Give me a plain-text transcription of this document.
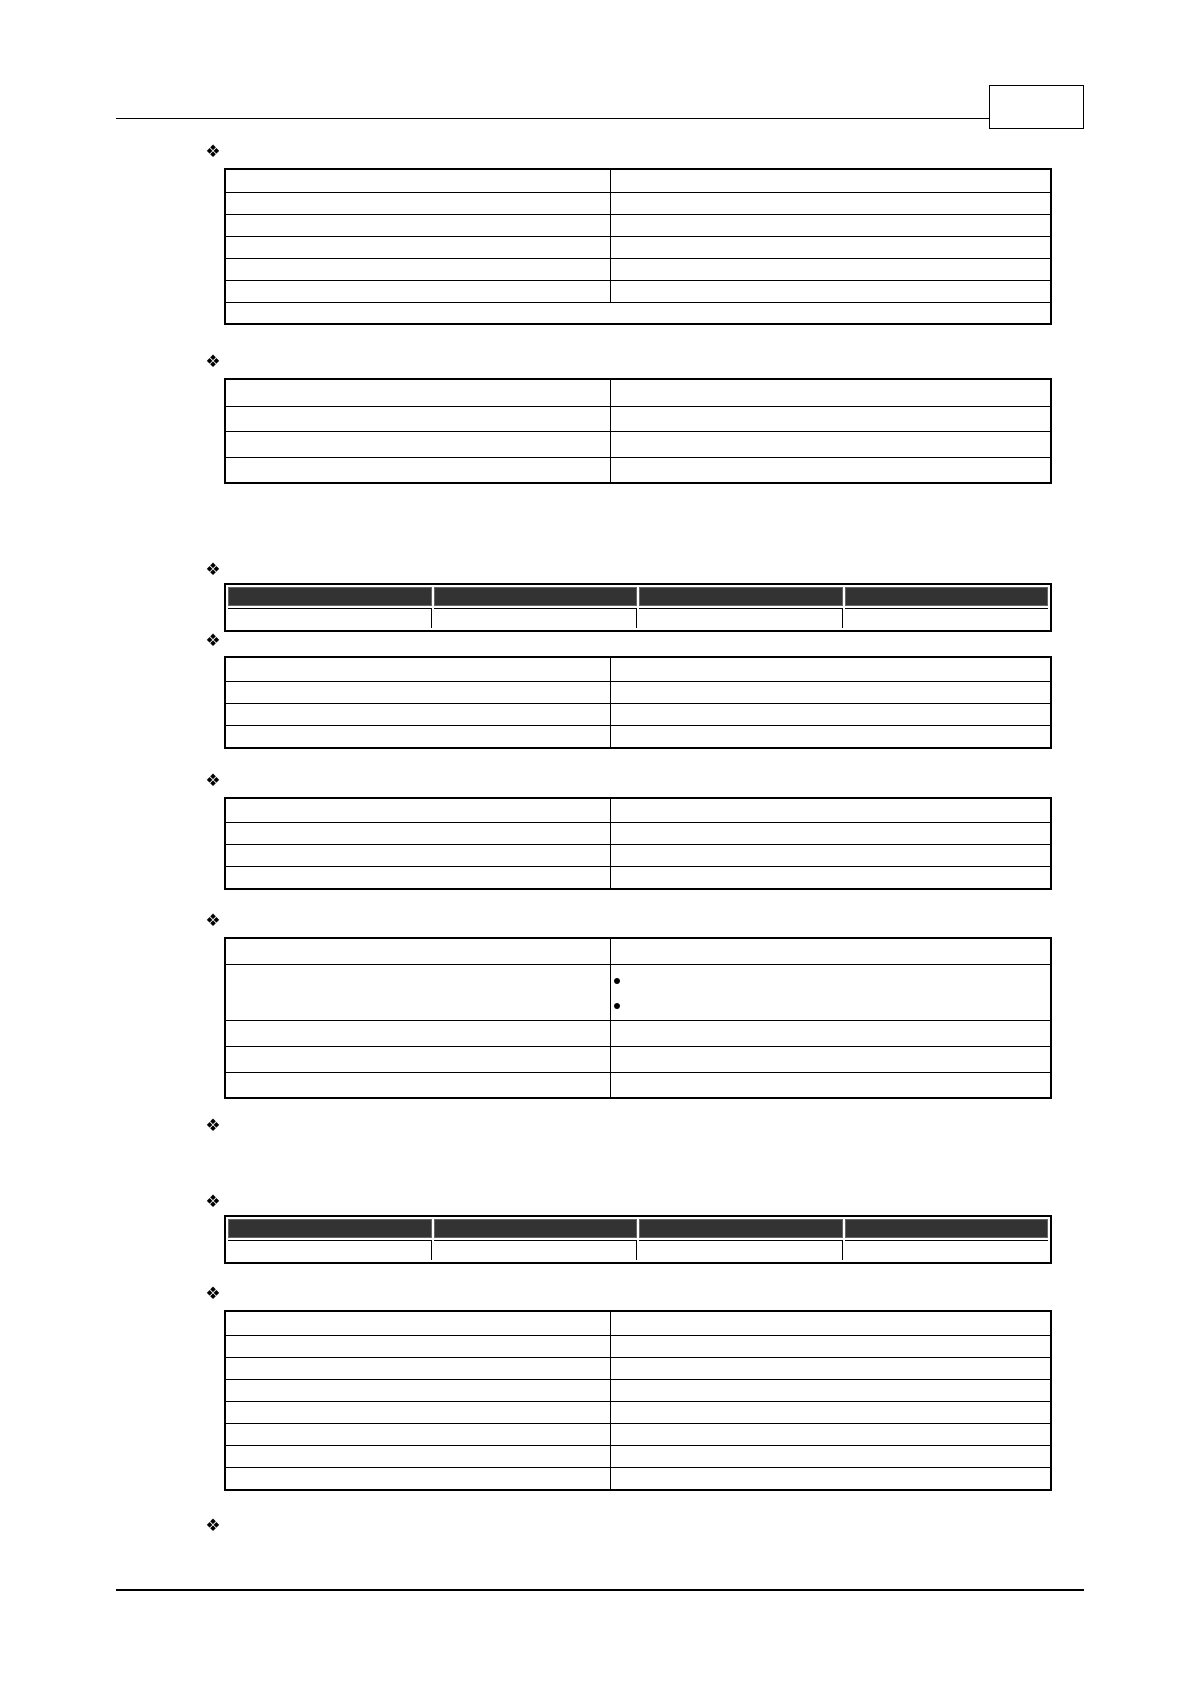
❖

❖

❖

❖

❖

❖

❖
❖

❖

❖
